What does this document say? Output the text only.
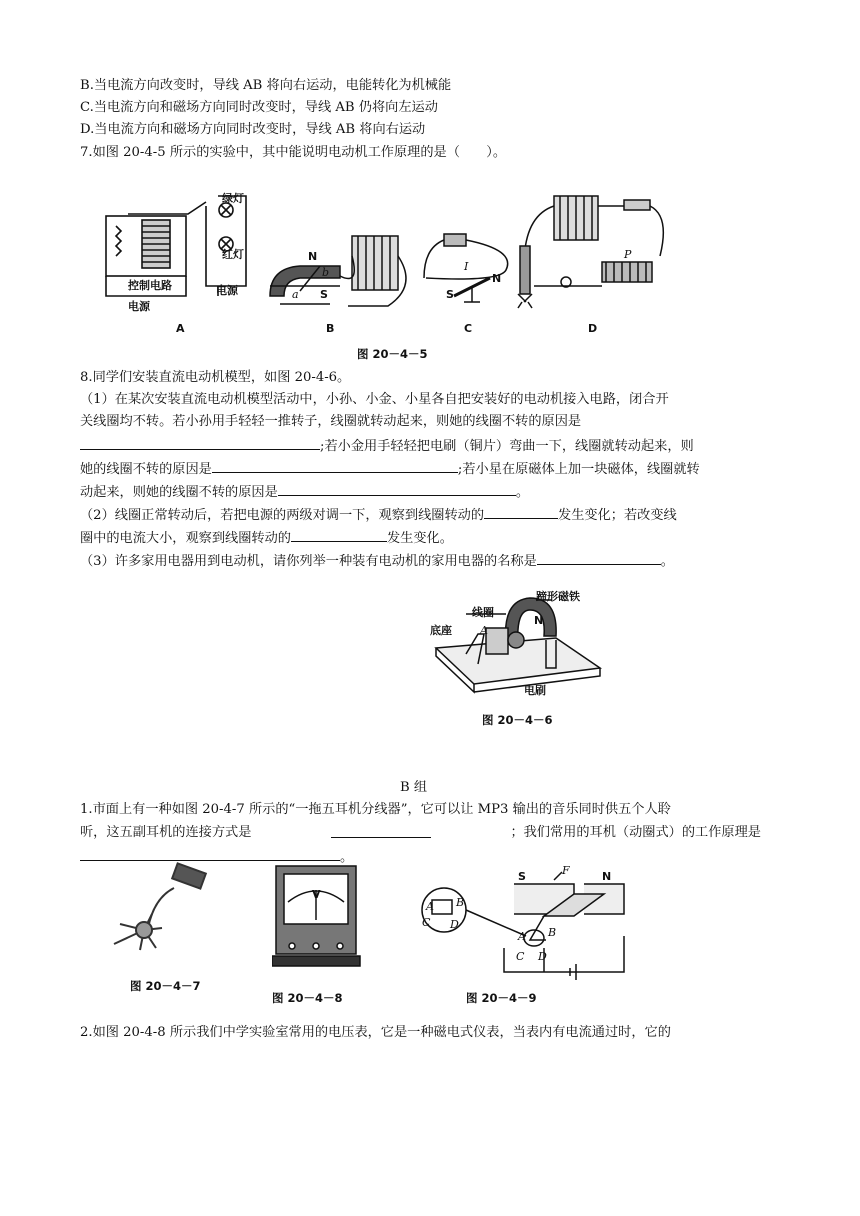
B.当电流方向改变时，导线 AB 将向右运动，电能转化为机械能
C.当电流方向和磁场方向同时改变时，导线 AB 仍将向左运动
D.当电流方向和磁场方向同时改变时，导线 AB 将向右运动
7.如图 20-4-5 所示的实验中，其中能说明电动机工作原理的是（　　）。
绿灯
红灯
控制电路
电源
电源
A
N
S
a
b
B
I
S
N
C
P
D
图 20－4－5
8.同学们安装直流电动机模型，如图 20-4-6。
（1）在某次安装直流电动机模型活动中，小孙、小金、小星各自把安装好的电动机接入电路，闭合开
关线圈均不转。若小孙用手轻轻一推转子，线圈就转动起来，则她的线圈不转的原因是
;若小金用手轻轻把电刷（铜片）弯曲一下，线圈就转动起来，则
她的线圈不转的原因是	;若小星在原磁体上加一块磁体，线圈就转
动起来，则她的线圈不转的原因是	。
（2）线圈正常转动后，若把电源的两级对调一下，观察到线圈转动的	发生变化；若改变线
圈中的电流大小，观察到线圈转动的	发生变化。
（3）许多家用电器用到电动机，请你列举一种装有电动机的家用电器的名称是	。
蹄形磁铁
线圈
底座	A
N
电刷
图 20－4－6
B 组
1.市面上有一种如图 20-4-7 所示的“一拖五耳机分线器”，它可以让 MP3 输出的音乐同时供五个人聆
听，这五副耳机的连接方式是	；我们常用的耳机（动圈式）的工作原理是
。
图 20－4－7
V
图 20－4－8
S	N
F
A B
C D
A B
C D
图 20－4－9
2.如图 20-4-8 所示我们中学实验室常用的电压表，它是一种磁电式仪表，当表内有电流通过时，它的
